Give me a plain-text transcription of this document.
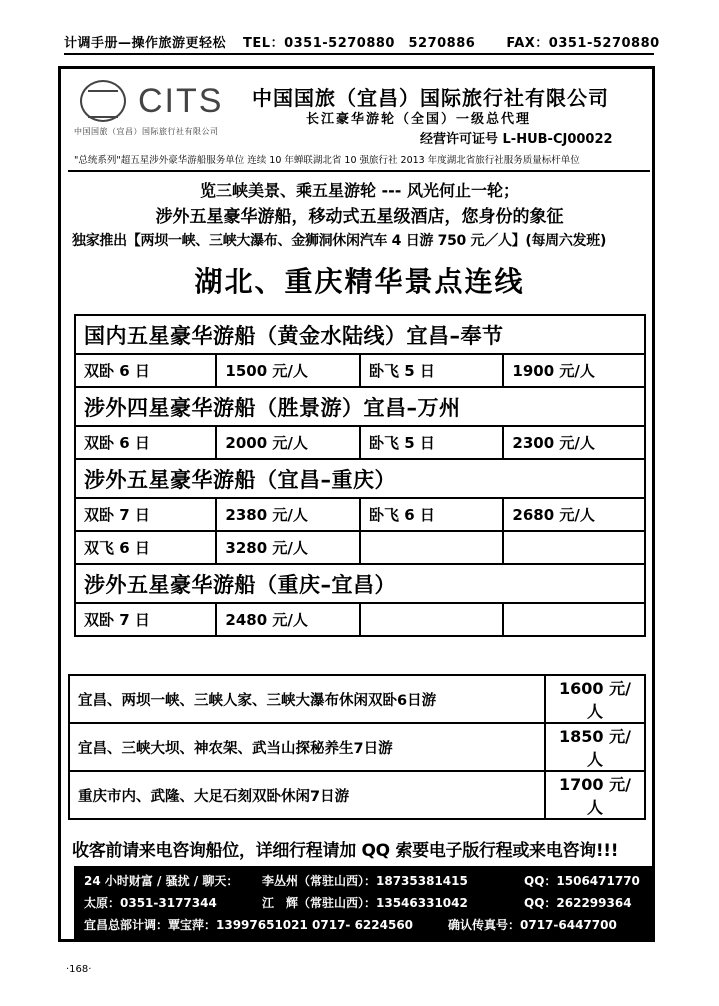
计调手册—操作旅游更轻松 TEL：0351-5270880　5270886 FAX：0351-5270880
CITS
中国国旅（宜昌）国际旅行社有限公司
中国国旅（宜昌）国际旅行社有限公司
长江豪华游轮（全国）一级总代理
经营许可证号 L-HUB-CJ00022
"总统系列"超五星涉外豪华游船服务单位 连续 10 年蝉联湖北省 10 强旅行社 2013 年度湖北省旅行社服务质量标杆单位
览三峡美景、乘五星游轮 --- 风光何止一轮；
涉外五星豪华游船，移动式五星级酒店，您身份的象征
独家推出【两坝一峡、三峡大瀑布、金狮洞休闲汽车 4 日游 750 元／人】(每周六发班)
湖北、重庆精华景点连线
国内五星豪华游船（黄金水陆线）宜昌–奉节			
双卧 6 日	1500 元/人	卧飞 5 日	1900 元/人
涉外四星豪华游船（胜景游）宜昌–万州			
双卧 6 日	2000 元/人	卧飞 5 日	2300 元/人
涉外五星豪华游船（宜昌–重庆）			
双卧 7 日	2380 元/人	卧飞 6 日	2680 元/人
双飞 6 日	3280 元/人		
涉外五星豪华游船（重庆–宜昌）			
双卧 7 日	2480 元/人		
宜昌、两坝一峡、三峡人家、三峡大瀑布休闲双卧6日游	1600 元/人
宜昌、三峡大坝、神农架、武当山探秘养生7日游	1850 元/人
重庆市内、武隆、大足石刻双卧休闲7日游	1700 元/人
收客前请来电咨询船位，详细行程请加 QQ 索要电子版行程或来电咨询!!!
24 小时财富 / 骚扰 / 聊天： 李丛州（常驻山西）：18735381415	QQ：1506471770
太原：0351-3177344	江　辉（常驻山西）：13546331042	QQ：262299364
宜昌总部计调：覃宝萍：13997651021 0717- 6224560	确认传真号：0717-6447700
·168·
